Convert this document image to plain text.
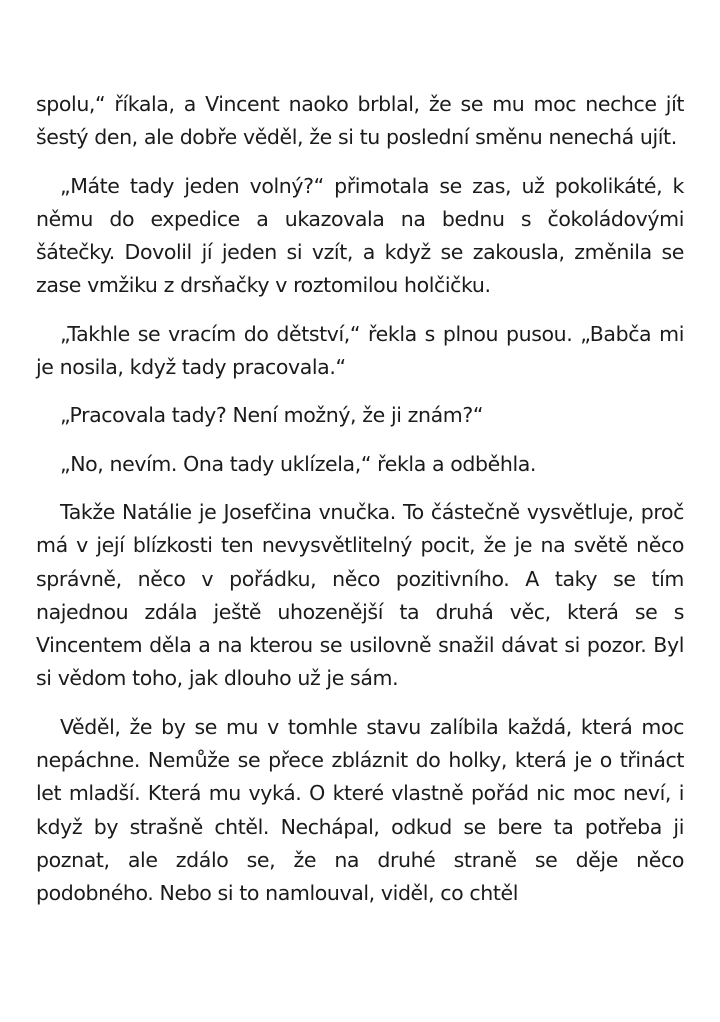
spolu,“ říkala, a Vincent naoko brblal, že se mu moc nechce jít šestý den, ale dobře věděl, že si tu poslední směnu nenechá ujít.

„Máte tady jeden volný?“ přimotala se zas, už pokolikáté, k němu do expedice a ukazovala na bednu s čokoládovými šátečky. Dovolil jí jeden si vzít, a když se zakousla, změnila se zase vmžiku z drsňačky v roztomilou holčičku.

„Takhle se vracím do dětství,“ řekla s plnou pusou. „Babča mi je nosila, když tady pracovala.“

„Pracovala tady? Není možný, že ji znám?“

„No, nevím. Ona tady uklízela,“ řekla a odběhla.

Takže Natálie je Josefčina vnučka. To částečně vysvětluje, proč má v její blízkosti ten nevysvětlitelný pocit, že je na světě něco správně, něco v pořádku, něco pozitivního. A taky se tím najednou zdála ještě uhozenější ta druhá věc, která se s Vincentem děla a na kterou se usilovně snažil dávat si pozor. Byl si vědom toho, jak dlouho už je sám.

Věděl, že by se mu v tomhle stavu zalíbila každá, která moc nepáchne. Nemůže se přece zbláznit do holky, která je o třináct let mladší. Která mu vyká. O které vlastně pořád nic moc neví, i když by strašně chtěl. Nechápal, odkud se bere ta potřeba ji poznat, ale zdálo se, že na druhé straně se děje něco podobného. Nebo si to namlouval, viděl, co chtěl
